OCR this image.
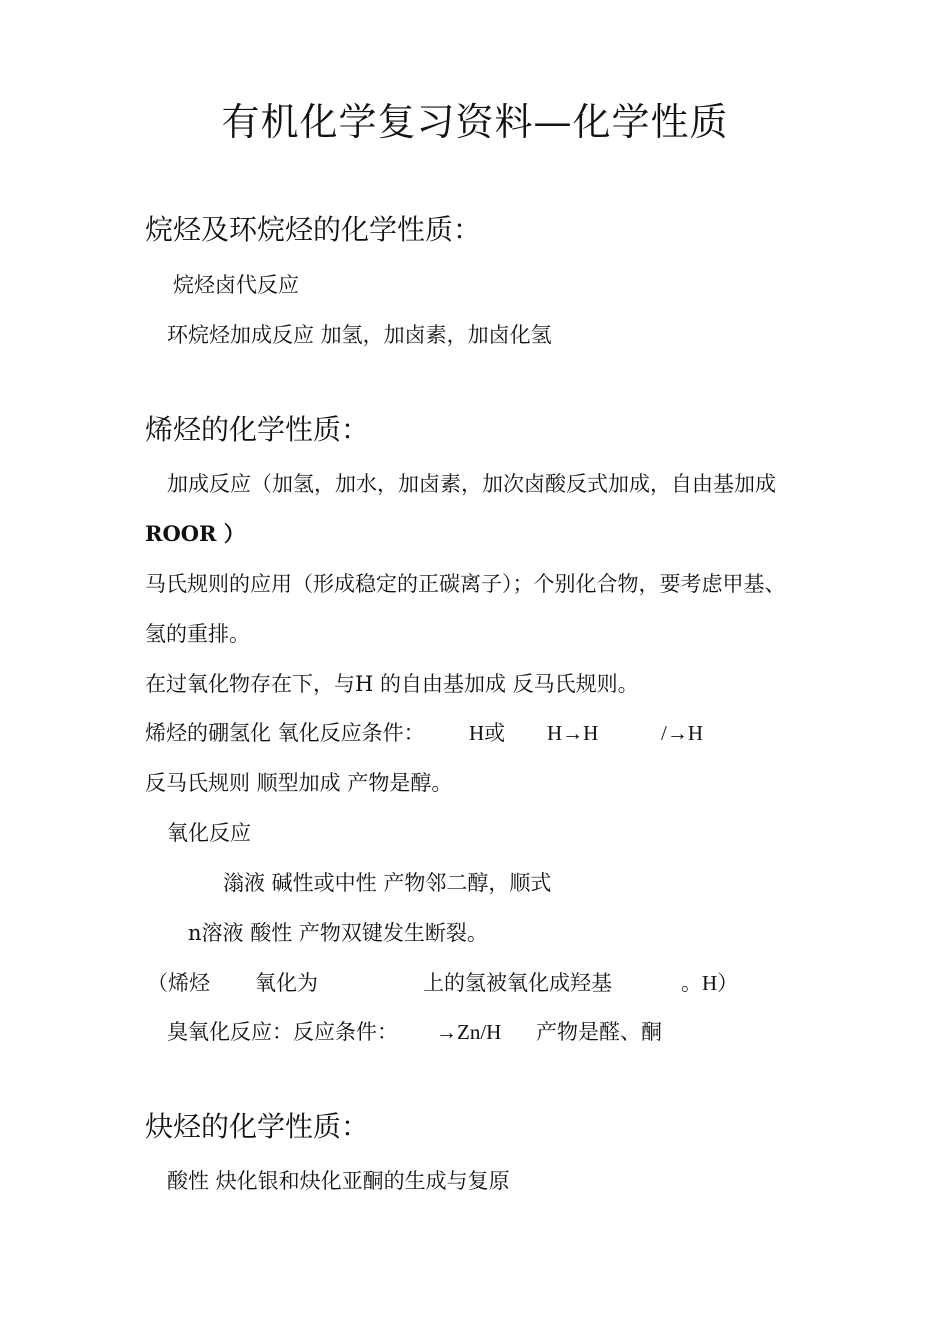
有机化学复习资料—化学性质
烷烃及环烷烃的化学性质：
烷烃卤代反应
环烷烃加成反应 加氢，加卤素，加卤化氢
烯烃的化学性质：
加成反应（加氢，加水，加卤素，加次卤酸反式加成，自由基加成
ROOR ）
马氏规则的应用（形成稳定的正碳离子）；个别化合物，要考虑甲基、
氢的重排。
在过氧化物存在下，与H 的自由基加成 反马氏规则。
烯烃的硼氢化 氧化反应条件： H或 H→H	/→H
反马氏规则 顺型加成 产物是醇。
氧化反应
滃液 碱性或中性 产物邻二醇，顺式
n溶液 酸性 产物双键发生断裂。
（烯烃 氧化为	上的氢被氧化成羟基	。H）
臭氧化反应：反应条件： →Zn/H 产物是醛、酮
炔烃的化学性质：
酸性 炔化银和炔化亚酮的生成与复原
